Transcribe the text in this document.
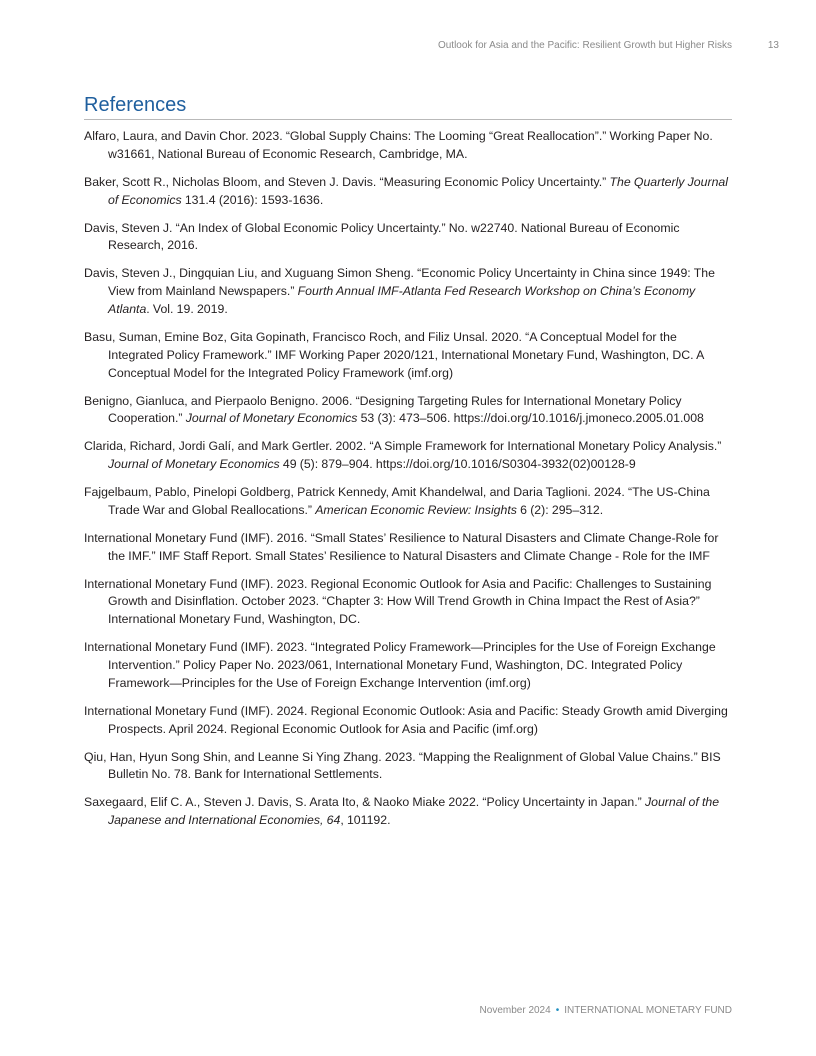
Outlook for Asia and the Pacific: Resilient Growth but Higher Risks	13
References
Alfaro, Laura, and Davin Chor. 2023. “Global Supply Chains: The Looming “Great Reallocation”.” Working Paper No. w31661, National Bureau of Economic Research, Cambridge, MA.
Baker, Scott R., Nicholas Bloom, and Steven J. Davis. “Measuring Economic Policy Uncertainty.” The Quarterly Journal of Economics 131.4 (2016): 1593-1636.
Davis, Steven J. “An Index of Global Economic Policy Uncertainty.” No. w22740. National Bureau of Economic Research, 2016.
Davis, Steven J., Dingquian Liu, and Xuguang Simon Sheng. “Economic Policy Uncertainty in China since 1949: The View from Mainland Newspapers.” Fourth Annual IMF-Atlanta Fed Research Workshop on China’s Economy Atlanta. Vol. 19. 2019.
Basu, Suman, Emine Boz, Gita Gopinath, Francisco Roch, and Filiz Unsal. 2020. “A Conceptual Model for the Integrated Policy Framework.” IMF Working Paper 2020/121, International Monetary Fund, Washington, DC. A Conceptual Model for the Integrated Policy Framework (imf.org)
Benigno, Gianluca, and Pierpaolo Benigno. 2006. “Designing Targeting Rules for International Monetary Policy Cooperation.” Journal of Monetary Economics 53 (3): 473–506. https://doi.org/10.1016/j.jmoneco.2005.01.008
Clarida, Richard, Jordi Galí, and Mark Gertler. 2002. “A Simple Framework for International Monetary Policy Analysis.” Journal of Monetary Economics 49 (5): 879–904. https://doi.org/10.1016/S0304-3932(02)00128-9
Fajgelbaum, Pablo, Pinelopi Goldberg, Patrick Kennedy, Amit Khandelwal, and Daria Taglioni. 2024. “The US-China Trade War and Global Reallocations.” American Economic Review: Insights 6 (2): 295–312.
International Monetary Fund (IMF). 2016. “Small States’ Resilience to Natural Disasters and Climate Change-Role for the IMF.” IMF Staff Report. Small States’ Resilience to Natural Disasters and Climate Change - Role for the IMF
International Monetary Fund (IMF). 2023. Regional Economic Outlook for Asia and Pacific: Challenges to Sustaining Growth and Disinflation. October 2023. “Chapter 3: How Will Trend Growth in China Impact the Rest of Asia?” International Monetary Fund, Washington, DC.
International Monetary Fund (IMF). 2023. “Integrated Policy Framework—Principles for the Use of Foreign Exchange Intervention.” Policy Paper No. 2023/061, International Monetary Fund, Washington, DC. Integrated Policy Framework—Principles for the Use of Foreign Exchange Intervention (imf.org)
International Monetary Fund (IMF). 2024. Regional Economic Outlook: Asia and Pacific: Steady Growth amid Diverging Prospects. April 2024. Regional Economic Outlook for Asia and Pacific (imf.org)
Qiu, Han, Hyun Song Shin, and Leanne Si Ying Zhang. 2023. “Mapping the Realignment of Global Value Chains.” BIS Bulletin No. 78. Bank for International Settlements.
Saxegaard, Elif C. A., Steven J. Davis, S. Arata Ito, & Naoko Miake 2022. “Policy Uncertainty in Japan.” Journal of the Japanese and International Economies, 64, 101192.
November 2024 • INTERNATIONAL MONETARY FUND
